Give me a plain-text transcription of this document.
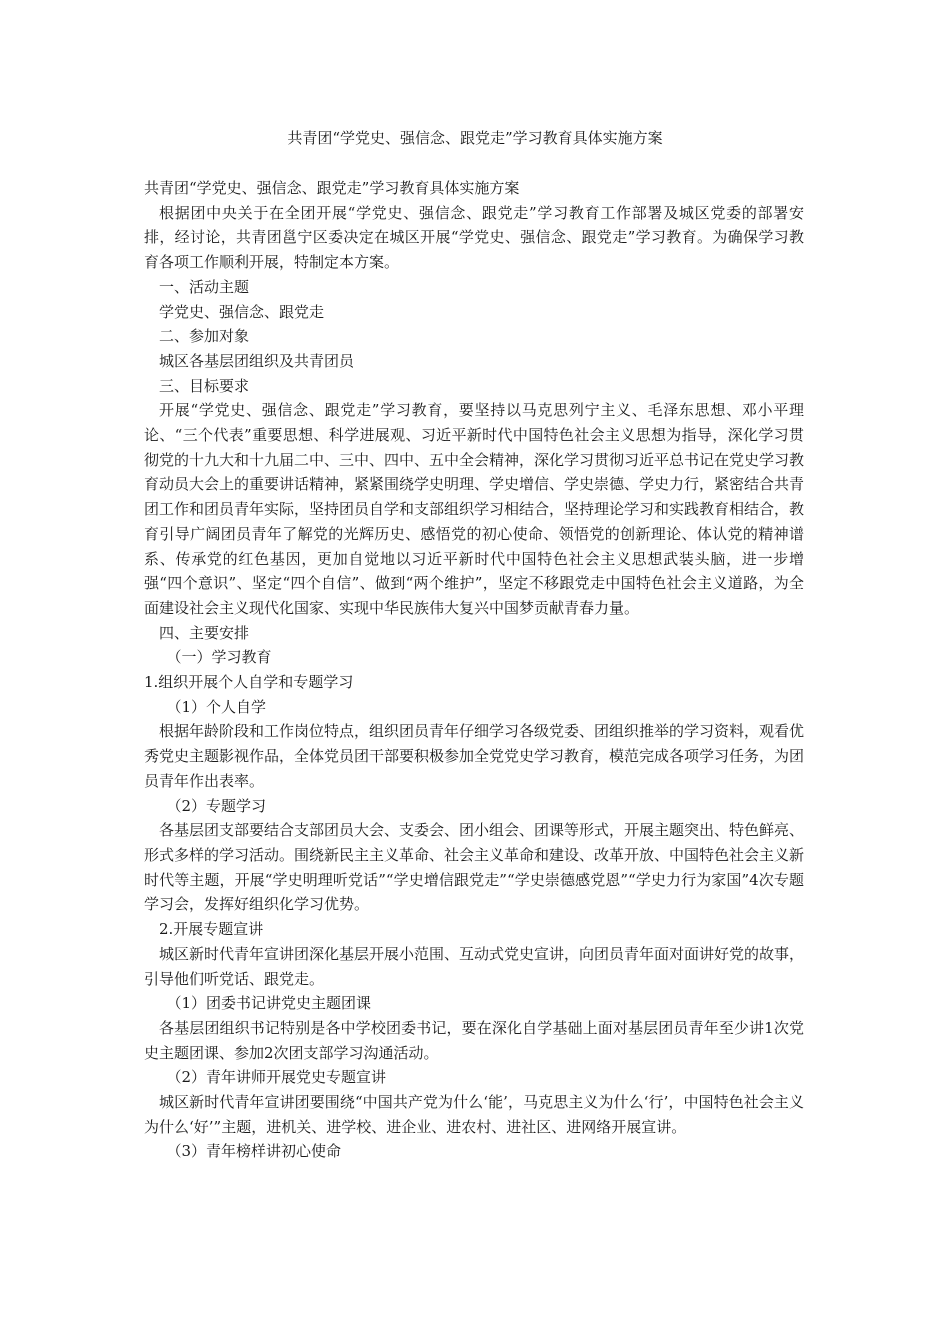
共青团“学党史、强信念、跟党走”学习教育具体实施方案

共青团“学党史、强信念、跟党走”学习教育具体实施方案

根据团中央关于在全团开展“学党史、强信念、跟党走”学习教育工作部署及城区党委的部署安排，经讨论，共青团邕宁区委决定在城区开展“学党史、强信念、跟党走”学习教育。为确保学习教育各项工作顺利开展，特制定本方案。

一、活动主题

学党史、强信念、跟党走

二、参加对象

城区各基层团组织及共青团员

三、目标要求

开展“学党史、强信念、跟党走”学习教育，要坚持以马克思列宁主义、毛泽东思想、邓小平理论、“三个代表”重要思想、科学进展观、习近平新时代中国特色社会主义思想为指导，深化学习贯彻党的十九大和十九届二中、三中、四中、五中全会精神，深化学习贯彻习近平总书记在党史学习教育动员大会上的重要讲话精神，紧紧围绕学史明理、学史增信、学史崇德、学史力行，紧密结合共青团工作和团员青年实际，坚持团员自学和支部组织学习相结合，坚持理论学习和实践教育相结合，教育引导广阔团员青年了解党的光辉历史、感悟党的初心使命、领悟党的创新理论、体认党的精神谱系、传承党的红色基因，更加自觉地以习近平新时代中国特色社会主义思想武装头脑，进一步增强“四个意识”、坚定“四个自信”、做到“两个维护”，坚定不移跟党走中国特色社会主义道路，为全面建设社会主义现代化国家、实现中华民族伟大复兴中国梦贡献青春力量。

四、主要安排

（一）学习教育

1.组织开展个人自学和专题学习

（1）个人自学

根据年龄阶段和工作岗位特点，组织团员青年仔细学习各级党委、团组织推举的学习资料，观看优秀党史主题影视作品，全体党员团干部要积极参加全党党史学习教育，模范完成各项学习任务，为团员青年作出表率。

（2）专题学习

各基层团支部要结合支部团员大会、支委会、团小组会、团课等形式，开展主题突出、特色鲜亮、形式多样的学习活动。围绕新民主主义革命、社会主义革命和建设、改革开放、中国特色社会主义新时代等主题，开展“学史明理听党话”“学史增信跟党走”“学史崇德感党恩”“学史力行为家国”4次专题学习会，发挥好组织化学习优势。

2.开展专题宣讲

城区新时代青年宣讲团深化基层开展小范围、互动式党史宣讲，向团员青年面对面讲好党的故事，引导他们听党话、跟党走。

（1）团委书记讲党史主题团课

各基层团组织书记特别是各中学校团委书记，要在深化自学基础上面对基层团员青年至少讲1次党史主题团课、参加2次团支部学习沟通活动。

（2）青年讲师开展党史专题宣讲

城区新时代青年宣讲团要围绕“中国共产党为什么‘能’，马克思主义为什么‘行’，中国特色社会主义为什么‘好’”主题，进机关、进学校、进企业、进农村、进社区、进网络开展宣讲。

（3）青年榜样讲初心使命
